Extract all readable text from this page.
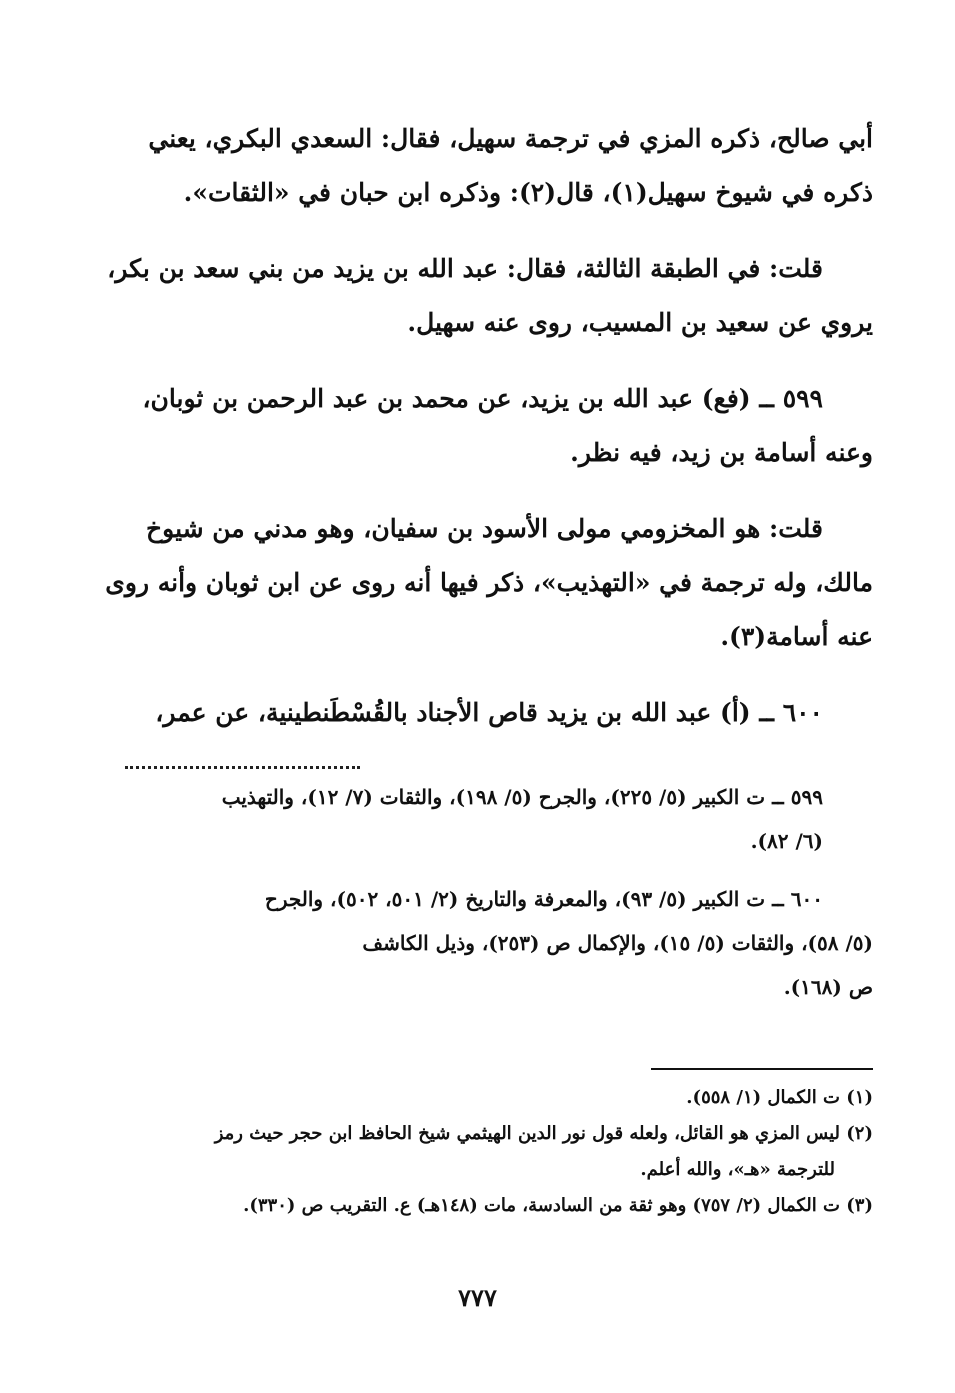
أبي صالح، ذكره المزي في ترجمة سهيل، فقال: السعدي البكري، يعني
ذكره في شيوخ سهيل(١)، قال(٢): وذكره ابن حبان في «الثقات».

قلت: في الطبقة الثالثة، فقال: عبد الله بن يزيد من بني سعد بن بكر،
يروي عن سعيد بن المسيب، روى عنه سهيل.

٥٩٩ ــ (فع) عبد الله بن يزيد، عن محمد بن عبد الرحمن بن ثوبان،
وعنه أسامة بن زيد، فيه نظر.

قلت: هو المخزومي مولى الأسود بن سفيان، وهو مدني من شيوخ
مالك، وله ترجمة في «التهذيب»، ذكر فيها أنه روى عن ابن ثوبان وأنه روى
عنه أسامة(٣).

٦٠٠ ــ (أ) عبد الله بن يزيد قاص الأجناد بالقُسْطَنطينية، عن عمر،

٥٩٩ ــ ت الكبير (٥/ ٢٢٥)، والجرح (٥/ ١٩٨)، والثقات (٧/ ١٢)، والتهذيب
(٦/ ٨٢).

٦٠٠ ــ ت الكبير (٥/ ٩٣)، والمعرفة والتاريخ (٢/ ٥٠١، ٥٠٢)، والجرح
(٥/ ٥٨)، والثقات (٥/ ١٥)، والإكمال ص (٢٥٣)، وذيل الكاشف
ص (١٦٨).

(١) ت الكمال (١/ ٥٥٨).
(٢) ليس المزي هو القائل، ولعله قول نور الدين الهيثمي شيخ الحافظ ابن حجر حيث رمز
للترجمة «هـ»، والله أعلم.
(٣) ت الكمال (٢/ ٧٥٧) وهو ثقة من السادسة، مات (١٤٨هـ) ع. التقريب ص (٣٣٠).
٧٧٧
